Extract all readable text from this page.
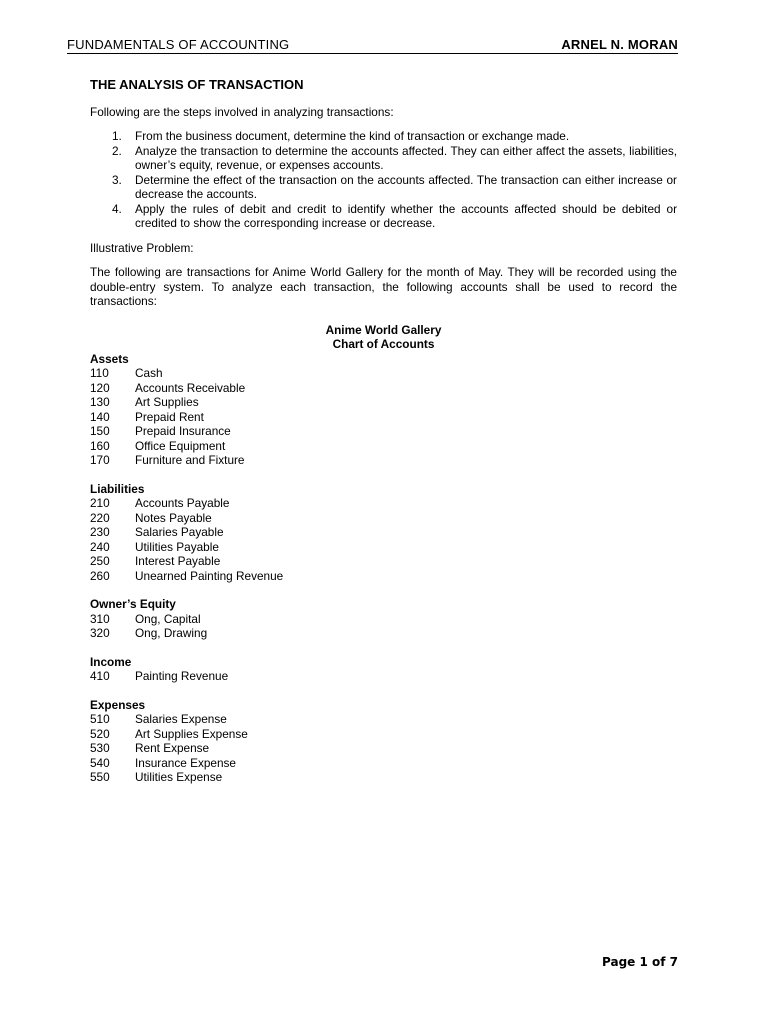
FUNDAMENTALS OF ACCOUNTING	ARNEL N. MORAN
THE ANALYSIS OF TRANSACTION

Following are the steps involved in analyzing transactions:

1.	From the business document, determine the kind of transaction or exchange made.
2.	Analyze the transaction to determine the accounts affected. They can either affect the assets, liabilities, owner’s equity, revenue, or expenses accounts.
3.	Determine the effect of the transaction on the accounts affected. The transaction can either increase or decrease the accounts.
4.	Apply the rules of debit and credit to identify whether the accounts affected should be debited or credited to show the corresponding increase or decrease.

Illustrative Problem:

The following are transactions for Anime World Gallery for the month of May. They will be recorded using the double-entry system. To analyze each transaction, the following accounts shall be used to record the transactions:

Anime World Gallery
Chart of Accounts
Assets
110	Cash
120	Accounts Receivable
130	Art Supplies
140	Prepaid Rent
150	Prepaid Insurance
160	Office Equipment
170	Furniture and Fixture
Liabilities
210	Accounts Payable
220	Notes Payable
230	Salaries Payable
240	Utilities Payable
250	Interest Payable
260	Unearned Painting Revenue
Owner’s Equity
310	Ong, Capital
320	Ong, Drawing
Income
410	Painting Revenue
Expenses
510	Salaries Expense
520	Art Supplies Expense
530	Rent Expense
540	Insurance Expense
550	Utilities Expense
Page 1 of 7
